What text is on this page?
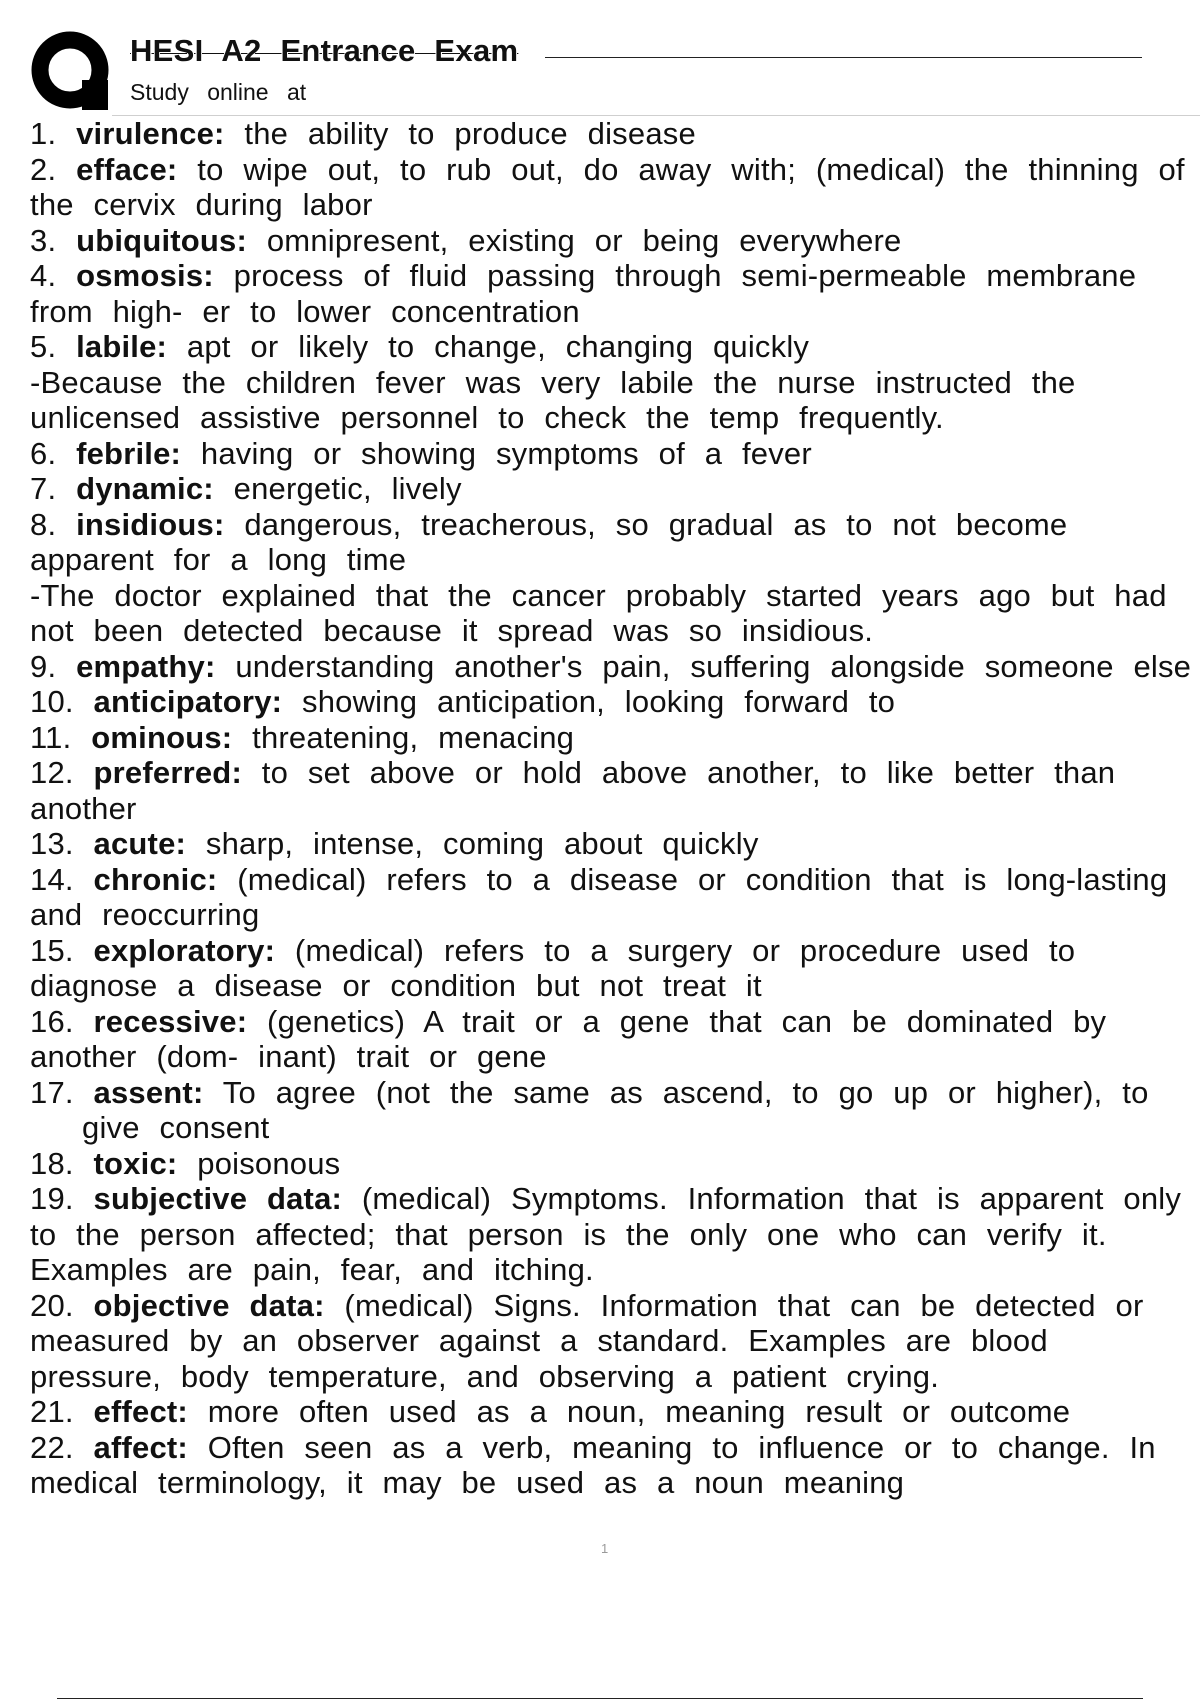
HESI A2 Entrance Exam
Study online at

1. virulence: the ability to produce disease

2. efface: to wipe out, to rub out, do away with; (medical) the thinning of the cervix during labor

3. ubiquitous: omnipresent, existing or being everywhere

4. osmosis: process of fluid passing through semi-permeable membrane from high- er to lower concentration

5. labile: apt or likely to change, changing quickly

-Because the children fever was very labile the nurse instructed the unlicensed assistive personnel to check the temp frequently.

6. febrile: having or showing symptoms of a fever

7. dynamic: energetic, lively

8. insidious: dangerous, treacherous, so gradual as to not become apparent for a long time

-The doctor explained that the cancer probably started years ago but had not been detected because it spread was so insidious.

9. empathy: understanding another's pain, suffering alongside someone else

10. anticipatory: showing anticipation, looking forward to

11. ominous: threatening, menacing

12. preferred: to set above or hold above another, to like better than another

13. acute: sharp, intense, coming about quickly

14. chronic: (medical) refers to a disease or condition that is long-lasting and reoccurring

15. exploratory: (medical) refers to a surgery or procedure used to diagnose a disease or condition but not treat it

16. recessive: (genetics) A trait or a gene that can be dominated by another (dom- inant) trait or gene

17. assent: To agree (not the same as ascend, to go up or higher), to

give consent

18. toxic: poisonous

19. subjective data: (medical) Symptoms. Information that is apparent only to the person affected; that person is the only one who can verify it. Examples are pain, fear, and itching.

20. objective data: (medical) Signs. Information that can be detected or measured by an observer against a standard. Examples are blood pressure, body temperature, and observing a patient crying.

21. effect: more often used as a noun, meaning result or outcome

22. affect: Often seen as a verb, meaning to influence or to change. In medical terminology, it may be used as a noun meaning

1
